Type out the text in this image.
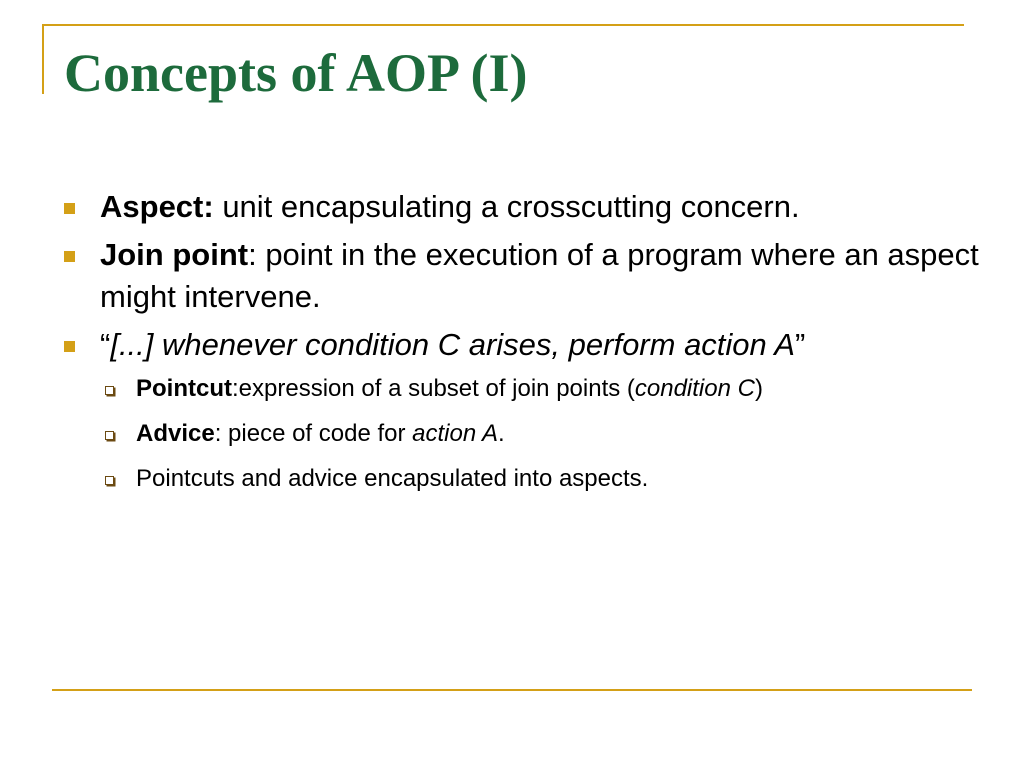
Concepts of AOP (I)
Aspect: unit encapsulating a crosscutting concern.
Join point: point in the execution of a program where an aspect might intervene.
“[...] whenever condition C arises, perform action A”
Pointcut:expression of a subset of join points (condition C)
Advice: piece of code for action A.
Pointcuts and advice encapsulated into aspects.
